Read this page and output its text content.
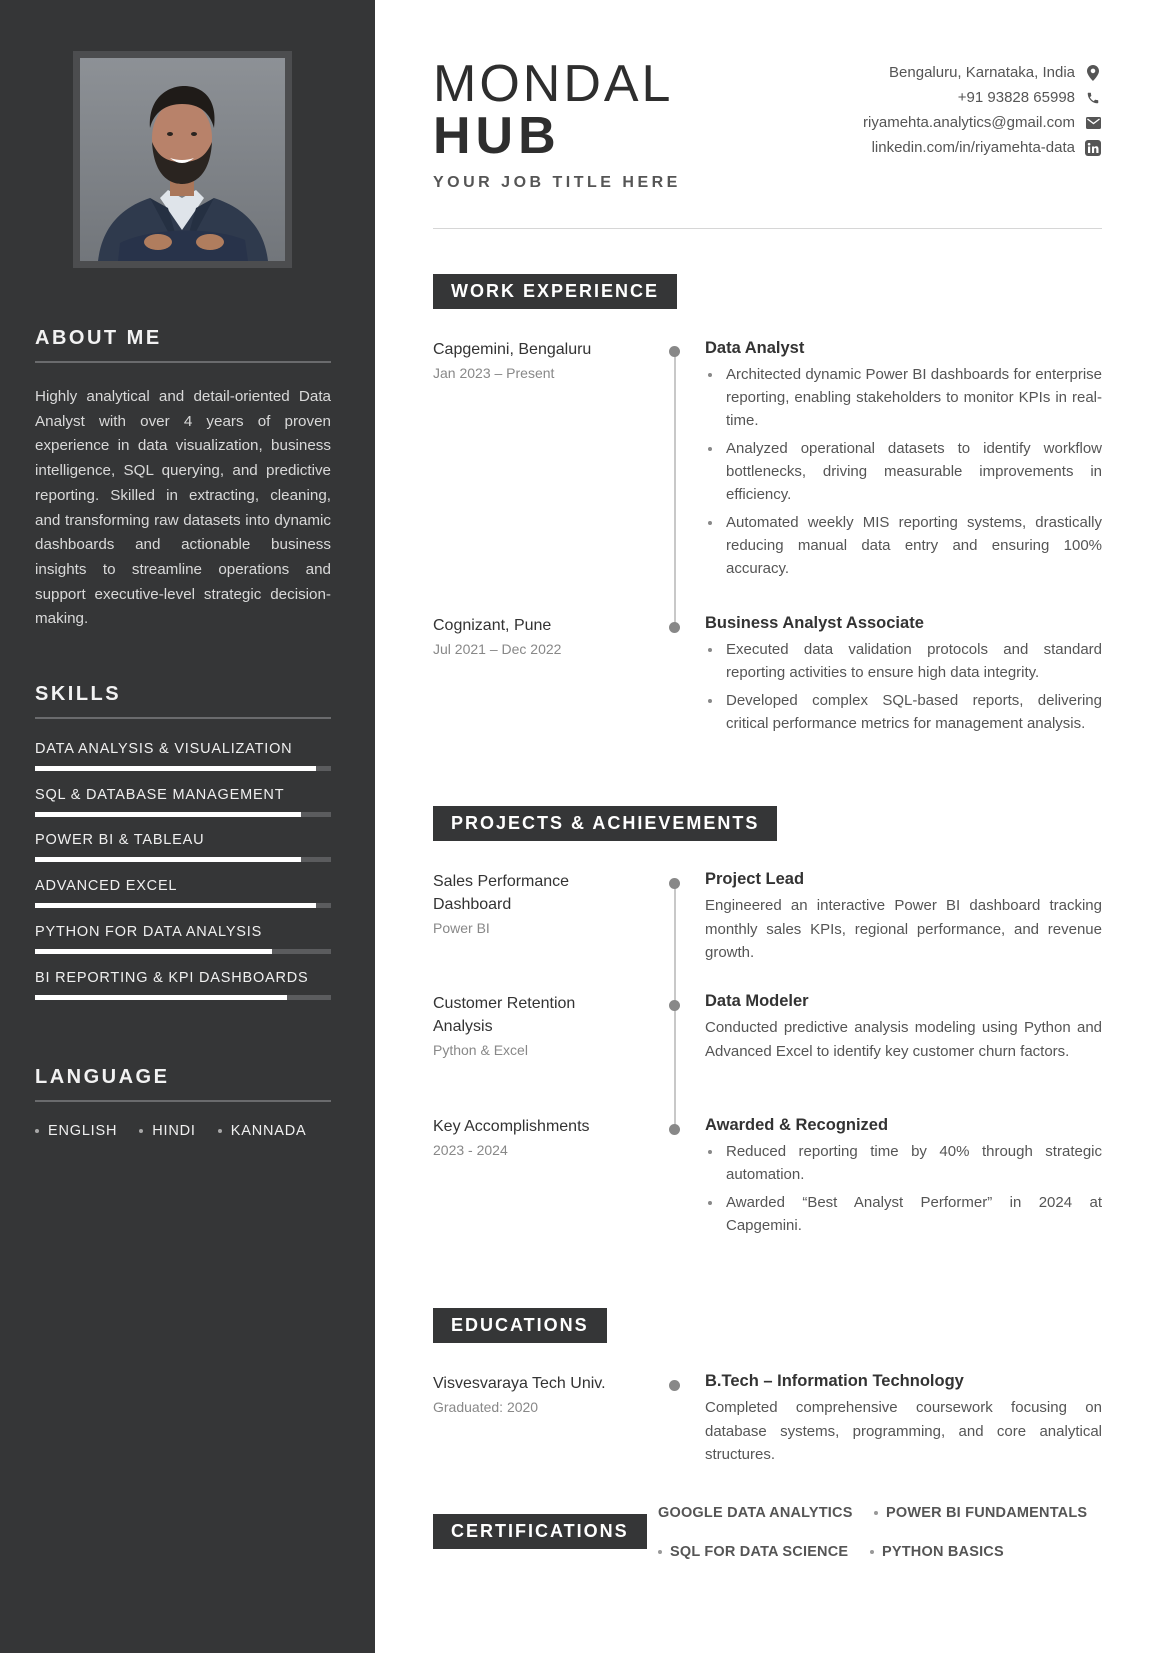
ABOUT ME

Highly analytical and detail-oriented Data Analyst with over 4 years of proven experience in data visualization, business intelligence, SQL querying, and predictive reporting. Skilled in extracting, cleaning, and transforming raw datasets into dynamic dashboards and actionable business insights to streamline operations and support executive-level strategic decision-making.

SKILLS
DATA ANALYSIS & VISUALIZATION
SQL & DATABASE MANAGEMENT
POWER BI & TABLEAU
ADVANCED EXCEL
PYTHON FOR DATA ANALYSIS
BI REPORTING & KPI DASHBOARDS
LANGUAGE
ENGLISH HINDI KANNADA
MONDAL
HUB
YOUR JOB TITLE HERE
Bengaluru, Karnataka, India
+91 93828 65998
riyamehta.analytics@gmail.com
linkedin.com/in/riyamehta-data
WORK EXPERIENCE
Capgemini, Bengaluru
Jan 2023 – Present
Data Analyst
Architected dynamic Power BI dashboards for enterprise reporting, enabling stakeholders to monitor KPIs in real-time.
Analyzed operational datasets to identify workflow bottlenecks, driving measurable improvements in efficiency.
Automated weekly MIS reporting systems, drastically reducing manual data entry and ensuring 100% accuracy.
Cognizant, Pune
Jul 2021 – Dec 2022
Business Analyst Associate
Executed data validation protocols and standard reporting activities to ensure high data integrity.
Developed complex SQL-based reports, delivering critical performance metrics for management analysis.
PROJECTS & ACHIEVEMENTS
Sales Performance Dashboard
Power BI
Project Lead

Engineered an interactive Power BI dashboard tracking monthly sales KPIs, regional performance, and revenue growth.

Customer Retention Analysis
Python & Excel
Data Modeler

Conducted predictive analysis modeling using Python and Advanced Excel to identify key customer churn factors.

Key Accomplishments
2023 - 2024
Awarded & Recognized
Reduced reporting time by 40% through strategic automation.
Awarded “Best Analyst Performer” in 2024 at Capgemini.
EDUCATIONS
Visvesvaraya Tech Univ.
Graduated: 2020
B.Tech – Information Technology

Completed comprehensive coursework focusing on database systems, programming, and core analytical structures.

CERTIFICATIONS
GOOGLE DATA ANALYTICS POWER BI FUNDAMENTALS
SQL FOR DATA SCIENCE PYTHON BASICS
